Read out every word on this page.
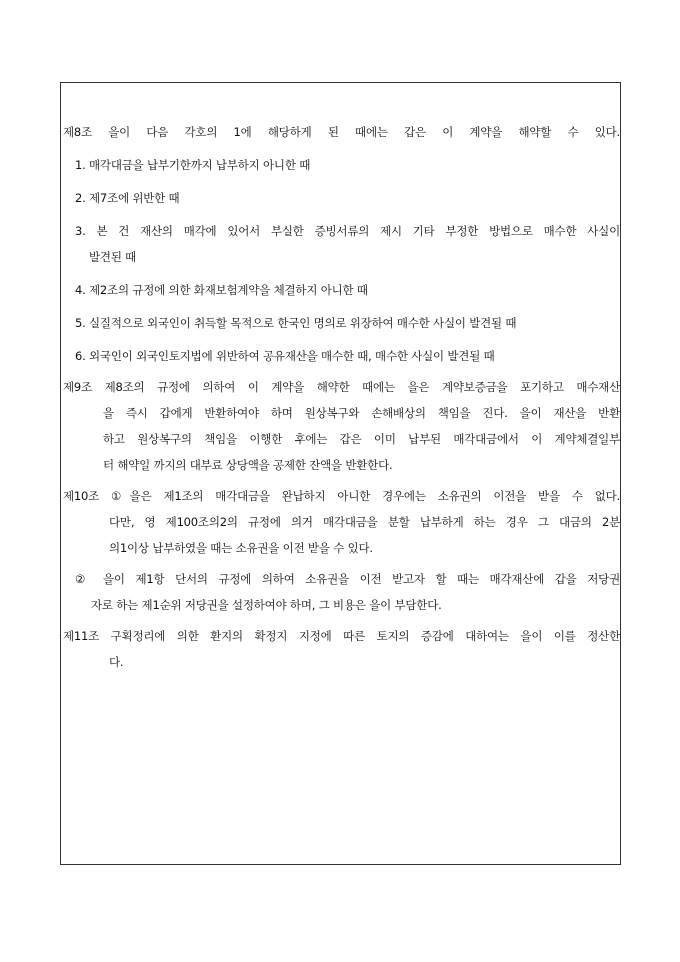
제8조 을이 다음 각호의 1에 해당하게 된 때에는 갑은 이 계약을 해약할 수 있다.
1. 매각대금을 납부기한까지 납부하지 아니한 때
2. 제7조에 위반한 때
3. 본 건 재산의 매각에 있어서 부실한 증빙서류의 제시 기타 부정한 방법으로 매수한 사실이
발견된 때
4. 제2조의 규정에 의한 화재보험계약을 체결하지 아니한 때
5. 실질적으로 외국인이 취득할 목적으로 한국인 명의로 위장하여 매수한 사실이 발견될 때
6. 외국인이 외국인토지법에 위반하여 공유재산을 매수한 때, 매수한 사실이 발견될 때
제9조 제8조의 규정에 의하여 이 계약을 해약한 때에는 을은 계약보증금을 포기하고 매수재산
을 즉시 갑에게 반환하여야 하며 원상복구와 손해배상의 책임을 진다. 을이 재산을 반환
하고 원상복구의 책임을 이행한 후에는 갑은 이미 납부된 매각대금에서 이 계약체결일부
터 해약일 까지의 대부료 상당액을 공제한 잔액을 반환한다.
제10조 ①을은 제1조의 매각대금을 완납하지 아니한 경우에는 소유권의 이전을 받을 수 없다.
다만, 영 제100조의2의 규정에 의거 매각대금을 분할 납부하게 하는 경우 그 대금의 2분
의1이상 납부하였을 때는 소유권을 이전 받을 수 있다.
② 을이 제1항 단서의 규정에 의하여 소유권을 이전 받고자 할 때는 매각재산에 갑을 저당권
자로 하는 제1순위 저당권을 설정하여야 하며, 그 비용은 을이 부담한다.
제11조 구획정리에 의한 환지의 확정지 지정에 따른 토지의 증감에 대하여는 을이 이를 정산한
다.
